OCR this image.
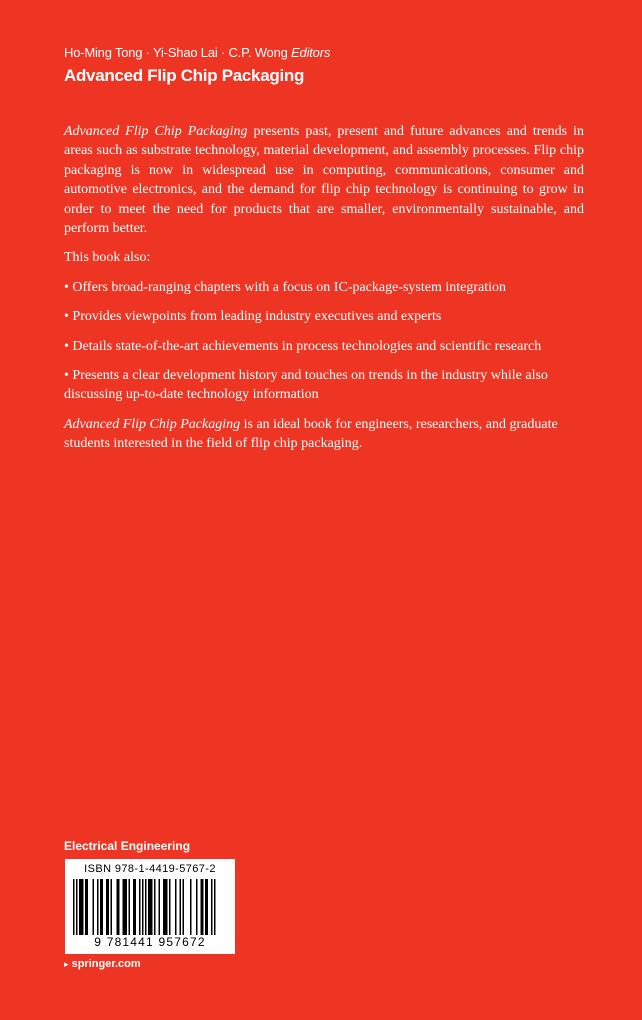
Ho-Ming Tong · Yi-Shao Lai · C.P. Wong Editors
Advanced Flip Chip Packaging

Advanced Flip Chip Packaging presents past, present and future advances and trends in areas such as substrate technology, material development, and assembly processes. Flip chip packaging is now in widespread use in computing, communications, consumer and automotive electronics, and the demand for flip chip technology is continuing to grow in order to meet the need for products that are smaller, environmentally sustainable, and perform better.

This book also:

• Offers broad-ranging chapters with a focus on IC-package-system integration
• Provides viewpoints from leading industry executives and experts
• Details state-of-the-art achievements in process technologies and scientific research
• Presents a clear development history and touches on trends in the industry while also discussing up-to-date technology information

Advanced Flip Chip Packaging is an ideal book for engineers, researchers, and graduate students interested in the field of flip chip packaging.

Electrical Engineering
ISBN 978-1-4419-5767-2
9 781441 957672
▸ springer.com
